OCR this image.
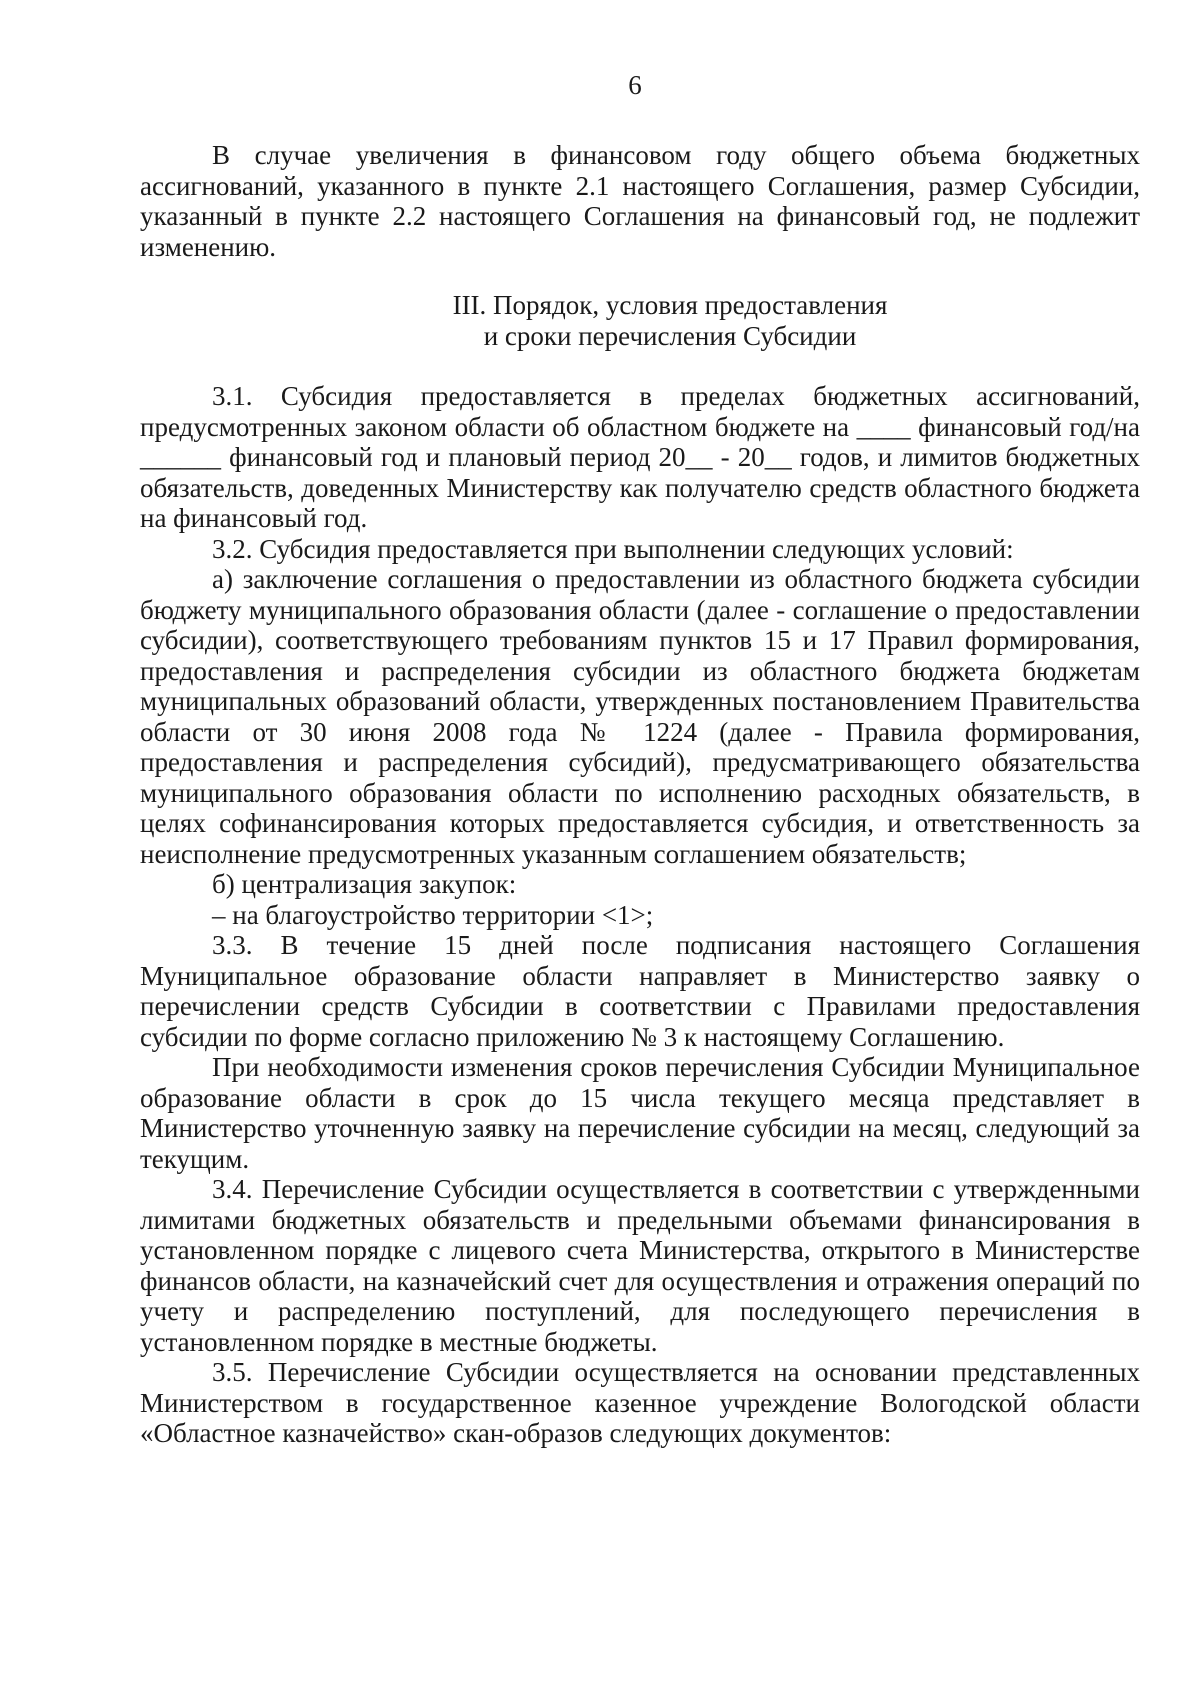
6

В случае увеличения в финансовом году общего объема бюджетных ассигнований, указанного в пункте 2.1 настоящего Соглашения, размер Субсидии, указанный в пункте 2.2 настоящего Соглашения на финансовый год, не подлежит изменению.

III. Порядок, условия предоставления
и сроки перечисления Субсидии

3.1. Субсидия предоставляется в пределах бюджетных ассигнований, предусмотренных законом области об областном бюджете на ____ финансовый год/на ______ финансовый год и плановый период 20__ - 20__ годов, и лимитов бюджетных обязательств, доведенных Министерству как получателю средств областного бюджета на финансовый год.

3.2. Субсидия предоставляется при выполнении следующих условий:

а) заключение соглашения о предоставлении из областного бюджета субсидии бюджету муниципального образования области (далее - соглашение о предоставлении субсидии), соответствующего требованиям пунктов 15 и 17 Правил формирования, предоставления и распределения субсидии из областного бюджета бюджетам муниципальных образований области, утвержденных постановлением Правительства области от 30 июня 2008 года № 1224 (далее - Правила формирования, предоставления и распределения субсидий), предусматривающего обязательства муниципального образования области по исполнению расходных обязательств, в целях софинансирования которых предоставляется субсидия, и ответственность за неисполнение предусмотренных указанным соглашением обязательств;

б) централизация закупок:

– на благоустройство территории <1>;

3.3. В течение 15 дней после подписания настоящего Соглашения Муниципальное образование области направляет в Министерство заявку о перечислении средств Субсидии в соответствии с Правилами предоставления субсидии по форме согласно приложению № 3 к настоящему Соглашению.

При необходимости изменения сроков перечисления Субсидии Муниципальное образование области в срок до 15 числа текущего месяца представляет в Министерство уточненную заявку на перечисление субсидии на месяц, следующий за текущим.

3.4. Перечисление Субсидии осуществляется в соответствии с утвержденными лимитами бюджетных обязательств и предельными объемами финансирования в установленном порядке с лицевого счета Министерства, открытого в Министерстве финансов области, на казначейский счет для осуществления и отражения операций по учету и распределению поступлений, для последующего перечисления в установленном порядке в местные бюджеты.

3.5. Перечисление Субсидии осуществляется на основании представленных Министерством в государственное казенное учреждение Вологодской области «Областное казначейство» скан-образов следующих документов:
